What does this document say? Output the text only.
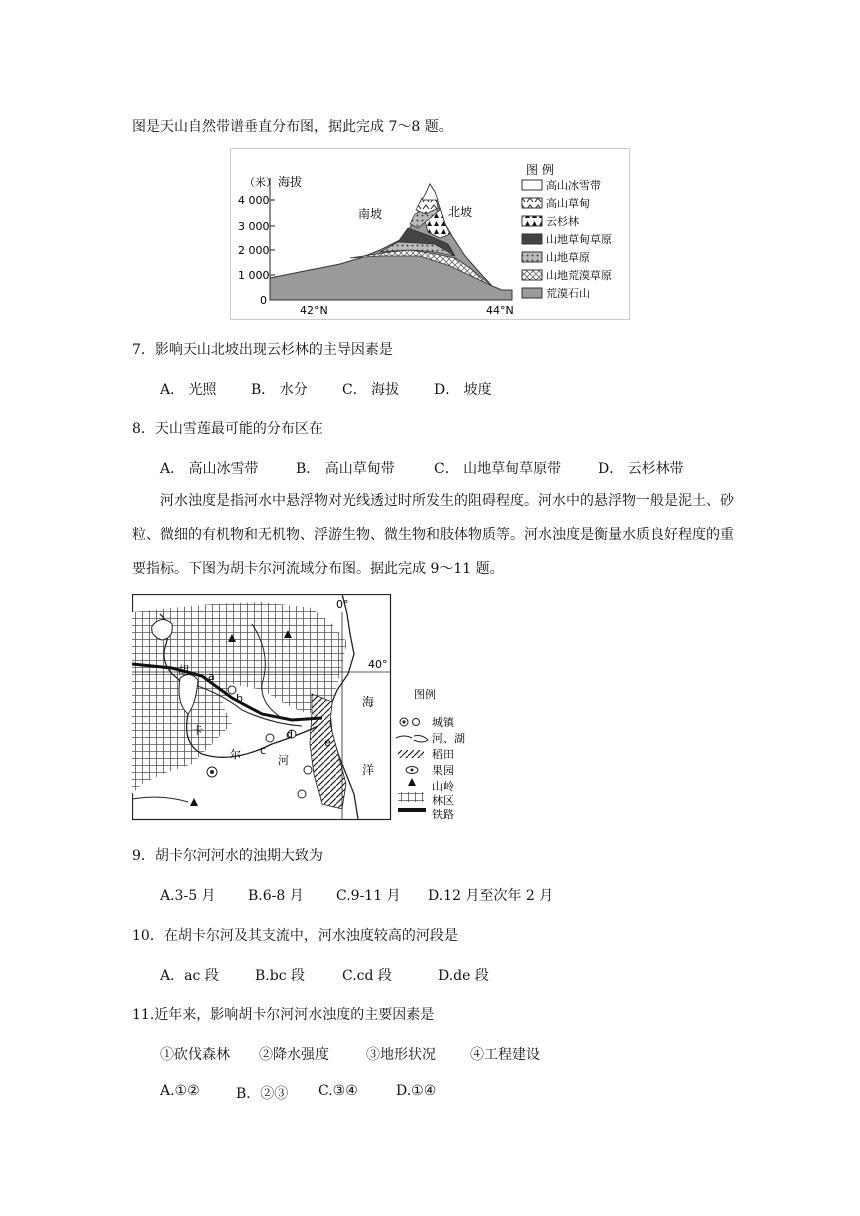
图是天山自然带谱垂直分布图，据此完成 7～8 题。
（米） 海拔
4 000
3 000
2 000
1 000
0
42°N	44°N
南坡	北坡
图 例
高山冰雪带
高山草甸
云杉林
山地草甸草原
山地草原
山地荒漠草原
荒漠石山
7．影响天山北坡出现云杉林的主导因素是
A． 光照 B． 水分 C． 海拔 D． 坡度
8．天山雪莲最可能的分布区在
A． 高山冰雪带	B． 高山草甸带	C． 山地草甸草原带	D． 云杉林带
河水浊度是指河水中悬浮物对光线透过时所发生的阻碍程度。河水中的悬浮物一般是泥土、砂粒、微细的有机物和无机物、浮游生物、微生物和肢体物质等。河水浊度是衡量水质良好程度的重要指标。下图为胡卡尔河流域分布图。据此完成 9～11 题。
0°
40°
海
洋
a
b
c
d
e
胡
卡
尔	河
图例
城镇
河、湖
稻田
果园
山岭
林区
铁路
9．胡卡尔河河水的浊期大致为
A.3-5 月 B.6-8 月 C.9-11 月 D.12 月至次年 2 月
10．在胡卡尔河及其支流中，河水浊度较高的河段是
A．ac 段	B.bc 段	C.cd 段	D.de 段
11.近年来，影响胡卡尔河河水浊度的主要因素是
①砍伐森林 ②降水强度	③地形状况 ④工程建设
A.①②	B．②③ C.③④	D.①④
